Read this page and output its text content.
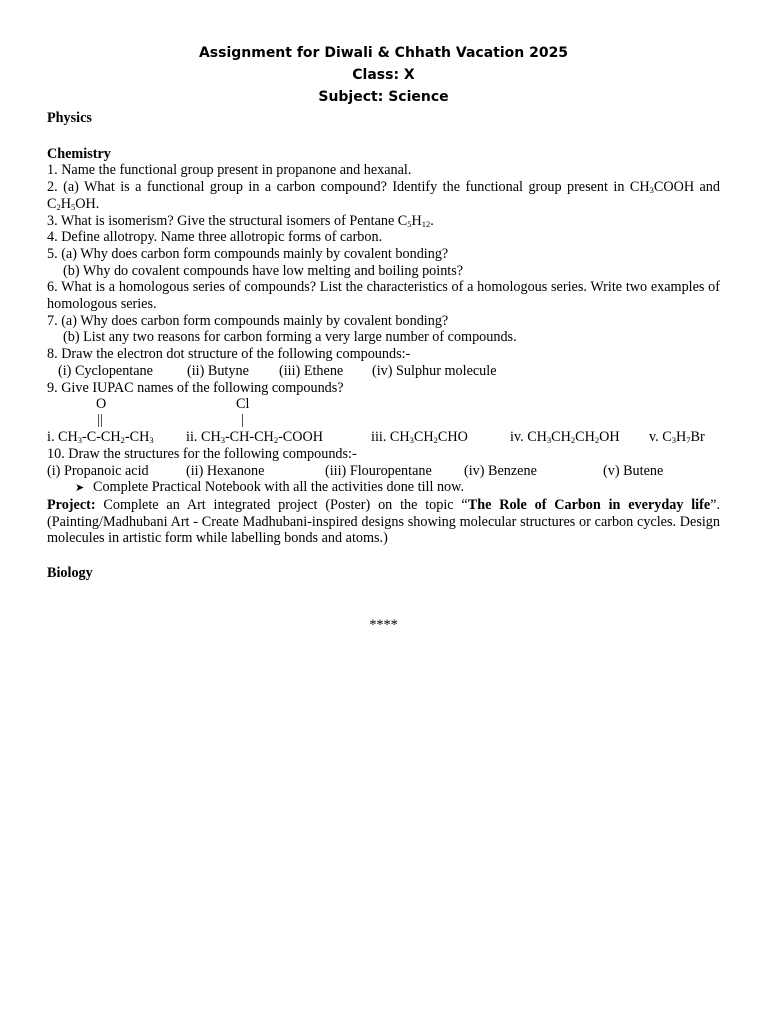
Assignment for Diwali & Chhath Vacation 2025
Class: X
Subject: Science
Physics
Chemistry
1. Name the functional group present in propanone and hexanal.
2. (a) What is a functional group in a carbon compound? Identify the functional group present in $CH_3COOH$ and $C_2H_5OH$.
3. What is isomerism? Give the structural isomers of Pentane $C_5H_{12}$.
4. Define allotropy. Name three allotropic forms of carbon.
5. (a) Why does carbon form compounds mainly by covalent bonding?
(b) Why do covalent compounds have low melting and boiling points?
6. What is a homologous series of compounds? List the characteristics of a homologous series. Write two examples of homologous series.
7. (a) Why does carbon form compounds mainly by covalent bonding?
(b) List any two reasons for carbon forming a very large number of compounds.
8. Draw the electron dot structure of the following compounds:-
(i) Cyclopentane (ii) Butyne (iii) Ethene (iv) Sulphur molecule
9. Give IUPAC names of the following compounds?
O	Cl
||	|
i. $CH_3-C-CH_2-CH_3$ ii. $CH_3-CH-CH_2$-COOH	iii. $CH_3CH_2CHO$	iv. $CH_3CH_2CH_2OH$ v. $C_3H_7Br$
10. Draw the structures for the following compounds:-
(i) Propanoic acid	(ii) Hexanone	(iii) Flouropentane (iv) Benzene	(v) Butene
➤ Complete Practical Notebook with all the activities done till now.
Project: Complete an Art integrated project (Poster) on the topic “The Role of Carbon in everyday life”. (Painting/Madhubani Art - Create Madhubani-inspired designs showing molecular structures or carbon cycles. Design molecules in artistic form while labelling bonds and atoms.)
Biology
****
